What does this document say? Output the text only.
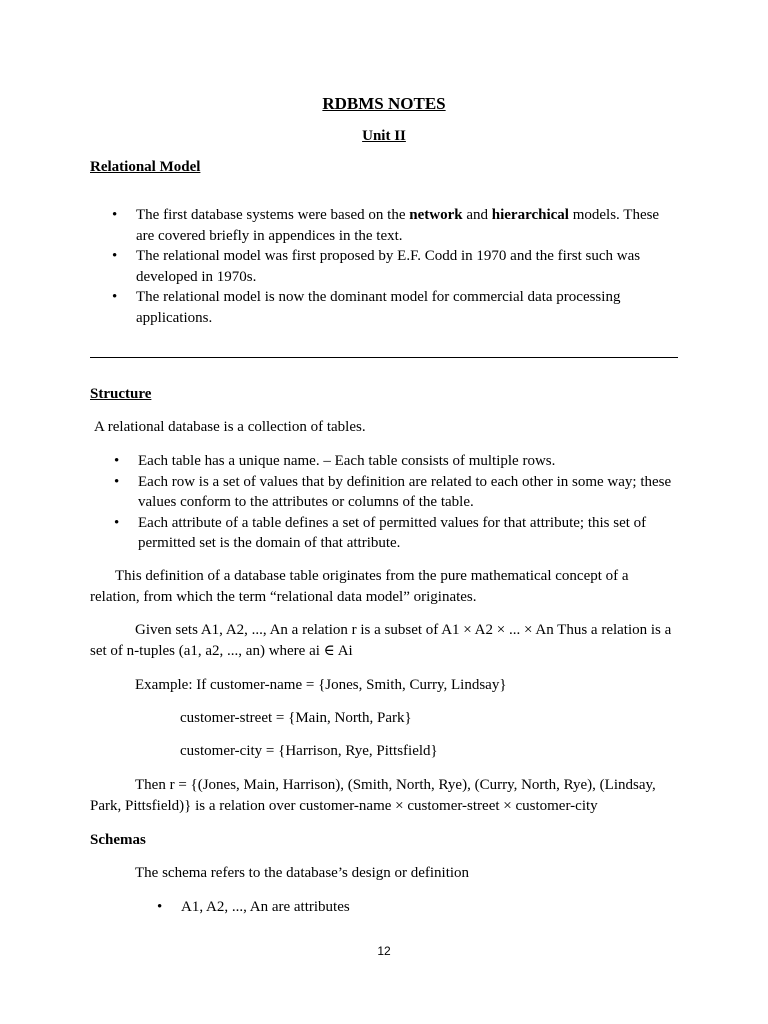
RDBMS NOTES
Unit II
Relational Model
• The first database systems were based on the network and hierarchical models. These are covered briefly in appendices in the text.
• The relational model was first proposed by E.F. Codd in 1970 and the first such was developed in 1970s.
• The relational model is now the dominant model for commercial data processing applications.
Structure

A relational database is a collection of tables.

• Each table has a unique name. – Each table consists of multiple rows.
• Each row is a set of values that by definition are related to each other in some way; these values conform to the attributes or columns of the table.
• Each attribute of a table defines a set of permitted values for that attribute; this set of permitted set is the domain of that attribute.

This definition of a database table originates from the pure mathematical concept of a relation, from which the term “relational data model” originates.

Given sets A1, A2, ..., An a relation r is a subset of A1 × A2 × ... × An Thus a relation is a set of n-tuples (a1, a2, ..., an) where ai ∈ Ai

Example: If customer-name = {Jones, Smith, Curry, Lindsay}

customer-street = {Main, North, Park}

customer-city = {Harrison, Rye, Pittsfield}

Then r = {(Jones, Main, Harrison), (Smith, North, Rye), (Curry, North, Rye), (Lindsay, Park, Pittsfield)} is a relation over customer-name × customer-street × customer-city

Schemas

The schema refers to the database’s design or definition

• A1, A2, ..., An are attributes
12
